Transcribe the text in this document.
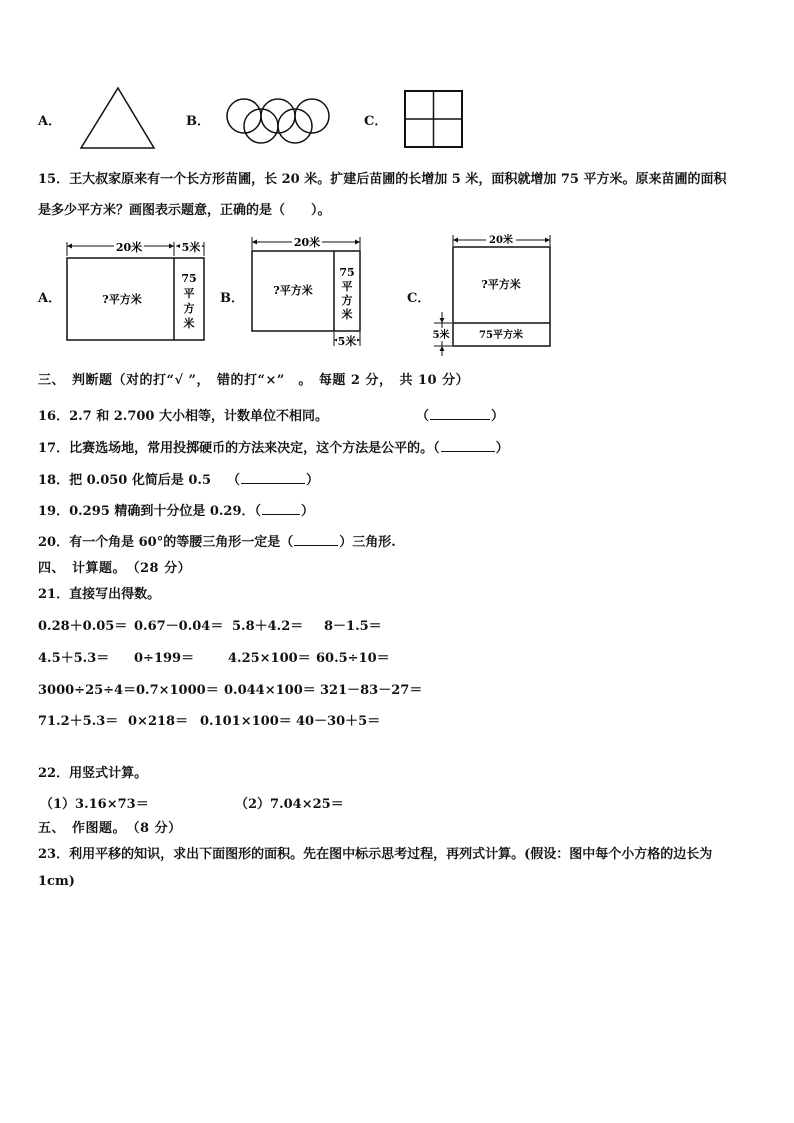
A．	B．	C．
15．王大叔家原来有一个长方形苗圃，长 20 米。扩建后苗圃的长增加 5 米，面积就增加 75 平方米。原来苗圃的面积
是多少平方米？画图表示题意，正确的是（　　）。
A．
20米	5米
?平方米
75
平
方
米
B．
20米
?平方米
75
平
方
米
5米
C．
20米
?平方米
75平方米
5米
三、　判断题（对的打“√ ”，　错的打“×”　。　每题 2 分，　共 10 分）
16．2.7 和 2.700 大小相等，计数单位不相同。	（	）
17．比赛选场地，常用投掷硬币的方法来决定，这个方法是公平的。（	）
18．把 0.050 化简后是 0.5 （	）
19．0.295 精确到十分位是 0.29．（	）
20．有一个角是 60°的等腰三角形一定是（	）三角形.
四、　计算题。　（28 分）
21．直接写出得数。
0.28＋0.05＝ 0.67－0.04＝ 5.8＋4.2＝ 8－1.5＝
4.5＋5.3＝ 0÷199＝	4.25×100＝ 60.5÷10＝
3000÷25÷4＝ 0.7×1000＝ 0.044×100＝ 321－83－27＝
71.2＋5.3＝ 0×218＝ 0.101×100＝ 40－30＋5＝
22．用竖式计算。
（1）3.16×73＝	（2）7.04×25＝
五、　作图题。　（8 分）
23．利用平移的知识，求出下面图形的面积。先在图中标示思考过程，再列式计算。(假设：图中每个小方格的边长为
1cm)
